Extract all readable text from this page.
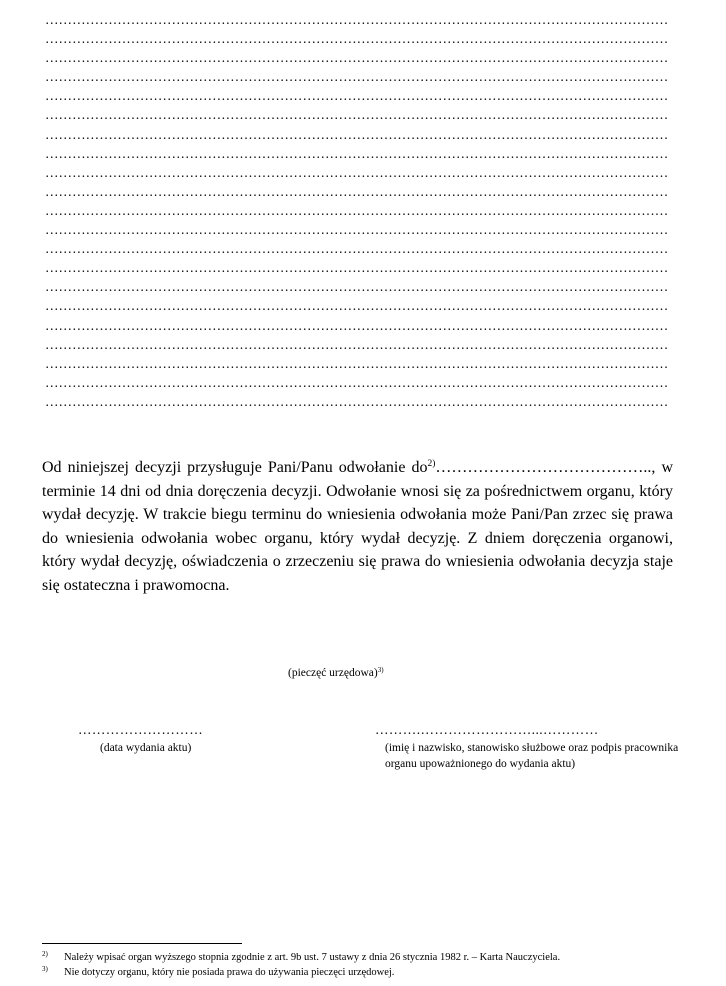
…………………………………………………………………………………………………………………………
…………………………………………………………………………………………………………………………
…………………………………………………………………………………………………………………………
…………………………………………………………………………………………………………………………
…………………………………………………………………………………………………………………………
…………………………………………………………………………………………………………………………
…………………………………………………………………………………………………………………………
…………………………………………………………………………………………………………………………
…………………………………………………………………………………………………………………………
…………………………………………………………………………………………………………………………
…………………………………………………………………………………………………………………………
…………………………………………………………………………………………………………………………
…………………………………………………………………………………………………………………………
…………………………………………………………………………………………………………………………
…………………………………………………………………………………………………………………………
…………………………………………………………………………………………………………………………
…………………………………………………………………………………………………………………………
…………………………………………………………………………………………………………………………
…………………………………………………………………………………………………………………………
…………………………………………………………………………………………………………………………
…………………………………………………………………………………………………………………………

Od niniejszej decyzji przysługuje Pani/Panu odwołanie $do^{2)}\dots\dots\dots\dots\dots\dots\dots\dots\dots\dots\dots\dots\dots$.., w terminie 14 dni od dnia doręczenia decyzji. Odwołanie wnosi się za pośrednictwem organu, który wydał decyzję. W trakcie biegu terminu do wniesienia odwołania może Pani/Pan zrzec się prawa do wniesienia odwołania wobec organu, który wydał decyzję. Z dniem doręczenia organowi, który wydał decyzję, oświadczenia o zrzeczeniu się prawa do wniesienia odwołania decyzja staje się ostateczna i prawomocna.

(pieczęć urzędowa)$^{3)}$
………………………
(data wydania aktu)
……….……………………...…………
(imię i nazwisko, stanowisko służbowe oraz podpis pracownika organu upoważnionego do wydania aktu)
2) Należy wpisać organ wyższego stopnia zgodnie z art. 9b ust. 7 ustawy z dnia 26 stycznia 1982 r. – Karta Nauczyciela.
3) Nie dotyczy organu, który nie posiada prawa do używania pieczęci urzędowej.
